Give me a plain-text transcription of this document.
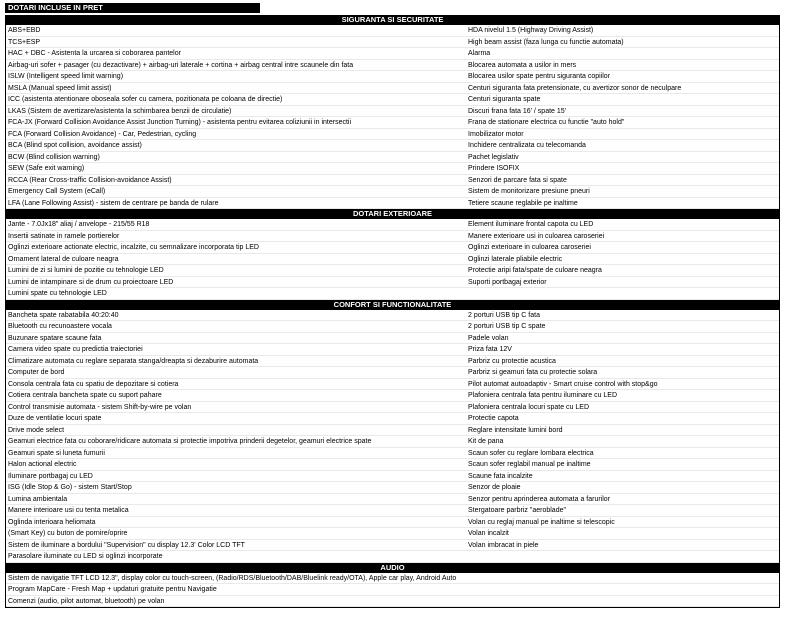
DOTARI INCLUSE IN PRET
SIGURANTA SI SECURITATE
ABS+EBD
TCS+ESP
HAC + DBC - Asistenta la urcarea si coborarea pantelor
Airbag-uri sofer + pasager (cu dezactivare) + airbag-uri laterale + cortina + airbag central intre scaunele din fata
ISLW (Intelligent speed limit warning)
MSLA (Manual speed limit assist)
ICC (asistenta atentionare oboseala sofer cu camera, pozitionata pe coloana de directie)
LKAS (Sistem de avertizare/asistenta la schimbarea benzii de circulatie)
FCA-JX (Forward Collision Avoidance Assist Junction Turning) - asistenta pentru evitarea coliziunii in intersectii
FCA (Forward Collision Avoidance) - Car, Pedestrian, cycling
BCA (Blind spot collision, avoidance assist)
BCW (Blind collision warning)
SEW (Safe exit warning)
RCCA (Rear Cross-traffic Collision-avoidance Assist)
Emergency Call System (eCall)
LFA (Lane Following Assist) - sistem de centrare pe banda de rulare
HDA nivelul 1.5 (Highway Driving Assist)
High beam assist (faza lunga cu functie automata)
Alarma
Blocarea automata a usilor in mers
Blocarea usilor spate pentru siguranta copiilor
Centuri siguranta fata pretensionate, cu avertizor sonor de neculpare
Centuri siguranta spate
Discuri frana fata 16' / spate 15'
Frana de stationare electrica cu functie "auto hold"
Imobilizator motor
Inchidere centralizata cu telecomanda
Pachet legislativ
Prindere ISOFIX
Senzori de parcare fata si spate
Sistem de monitorizare presiune pneuri
Tetiere scaune reglabile pe inaltime
DOTARI EXTERIOARE
Jante - 7.0Jx18" aliaj / anvelope - 215/55 R18
Insertii satinate in ramele portierelor
Oglinzi exterioare actionate electric, incalzite, cu semnalizare incorporata tip LED
Ornament lateral de culoare neagra
Lumini de zi si lumini de pozitie cu tehnologie LED
Lumini de intampinare si de drum cu proiectoare LED
Lumini spate cu tehnologie LED
Element iluminare frontal capota cu LED
Manere exterioare usi in culoarea caroseriei
Oglinzi exterioare in culoarea caroseriei
Oglinzi laterale pliabile electric
Protectie aripi fata/spate de culoare neagra
Suporti portbagaj exterior
CONFORT SI FUNCTIONALITATE
Bancheta spate rabatabila 40:20:40
Bluetooth cu recunoastere vocala
Buzunare spatare scaune fata
Camera video spate cu predictia traiectoriei
Climatizare automata cu reglare separata stanga/dreapta si dezaburire automata
Computer de bord
Consola centrala fata cu spatiu de depozitare si cotiera
Cotiera centrala bancheta spate cu suport pahare
Control transmisie automata - sistem Shift-by-wire pe volan
Duze de ventilatie locuri spate
Drive mode select
Geamuri electrice fata cu coborare/ridicare automata si protectie impotriva prinderii degetelor, geamuri electrice spate
Geamuri spate si luneta fumurii
Halon actional electric
Iluminare portbagaj cu LED
ISG (Idle Stop & Go) - sistem Start/Stop
Lumina ambientala
Manere interioare usi cu tenta metalica
Oglinda interioara heliomata
(Smart Key) cu buton de pornire/oprire
Sistem de iluminare a bordului "Supervision" cu display 12.3' Color LCD TFT
Parasolare iluminate cu LED si oglinzi incorporate
2 porturi USB tip C fata
2 porturi USB tip C spate
Padele volan
Priza fata 12V
Parbriz cu protectie acustica
Parbriz si geamuri fata cu protectie solara
Pilot automat autoadaptiv - Smart cruise control with stop&go
Plafoniera centrala fata pentru iluminare cu LED
Plafoniera centrala locuri spate cu LED
Protectie capota
Reglare intensitate lumini bord
Kit de pana
Scaun sofer cu reglare lombara electrica
Scaun sofer reglabil manual pe inaltime
Scaune fata incalzite
Senzor de ploaie
Senzor pentru aprinderea automata a farurilor
Stergatoare parbriz "aeroblade"
Volan cu reglaj manual pe inaltime si telescopic
Volan incalzit
Volan imbracat in piele
AUDIO
Sistem de navigatie TFT LCD 12.3", display color cu touch-screen, (Radio/RDS/Bluetooth/DAB/Bluelink ready/OTA), Apple car play, Android Auto
Program MapCare - Fresh Map + updaturi gratuite pentru Navigatie
Comenzi (audio, pilot automat, bluetooth) pe volan
